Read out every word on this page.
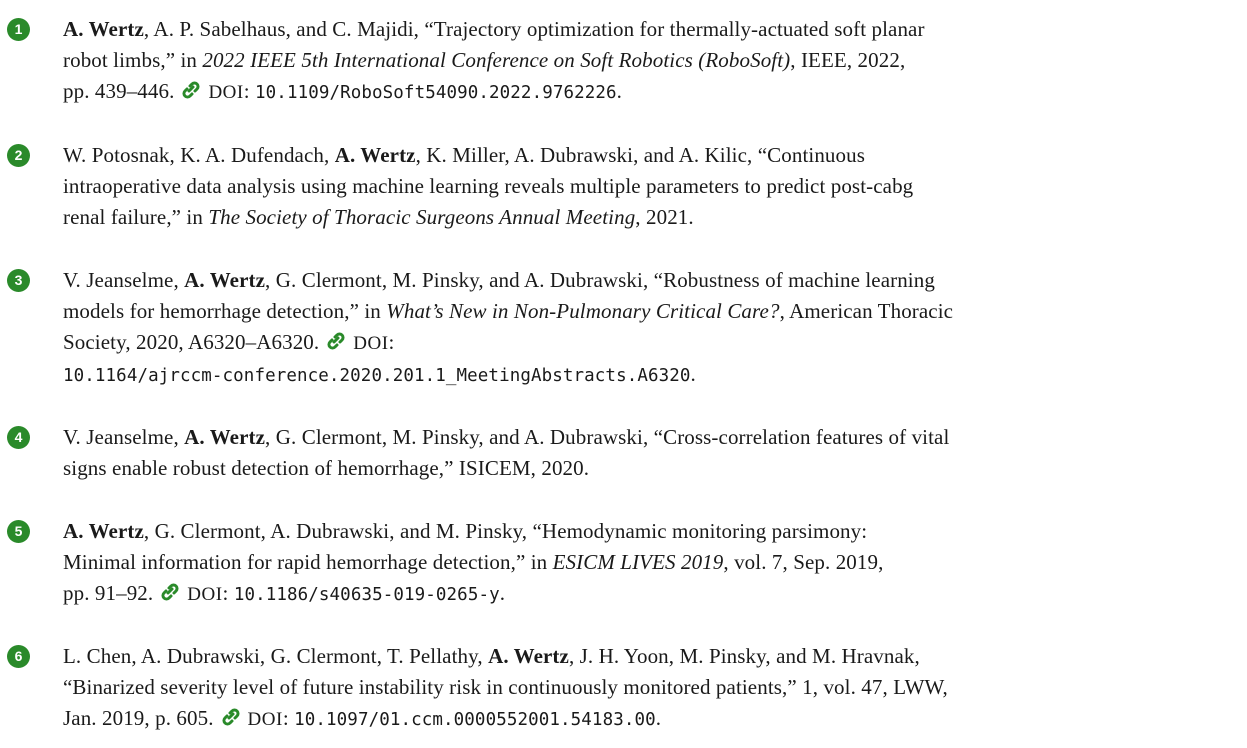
1	A. Wertz, A. P. Sabelhaus, and C. Majidi, “Trajectory optimization for thermally-actuated soft planar
robot limbs,” in 2022 IEEE 5th International Conference on Soft Robotics (RoboSoft), IEEE, 2022,
pp. 439–446. DOI: 10.1109/RoboSoft54090.2022.9762226.
2	W. Potosnak, K. A. Dufendach, A. Wertz, K. Miller, A. Dubrawski, and A. Kilic, “Continuous
intraoperative data analysis using machine learning reveals multiple parameters to predict post-cabg
renal failure,” in The Society of Thoracic Surgeons Annual Meeting, 2021.
3	V. Jeanselme, A. Wertz, G. Clermont, M. Pinsky, and A. Dubrawski, “Robustness of machine learning
models for hemorrhage detection,” in What’s New in Non-Pulmonary Critical Care?, American Thoracic
Society, 2020, A6320–A6320. DOI:
10.1164/ajrccm-conference.2020.201.1_MeetingAbstracts.A6320.
4	V. Jeanselme, A. Wertz, G. Clermont, M. Pinsky, and A. Dubrawski, “Cross-correlation features of vital
signs enable robust detection of hemorrhage,” ISICEM, 2020.
5	A. Wertz, G. Clermont, A. Dubrawski, and M. Pinsky, “Hemodynamic monitoring parsimony:
Minimal information for rapid hemorrhage detection,” in ESICM LIVES 2019, vol. 7, Sep. 2019,
pp. 91–92. DOI: 10.1186/s40635-019-0265-y.
6	L. Chen, A. Dubrawski, G. Clermont, T. Pellathy, A. Wertz, J. H. Yoon, M. Pinsky, and M. Hravnak,
“Binarized severity level of future instability risk in continuously monitored patients,” 1, vol. 47, LWW,
Jan. 2019, p. 605. DOI: 10.1097/01.ccm.0000552001.54183.00.
